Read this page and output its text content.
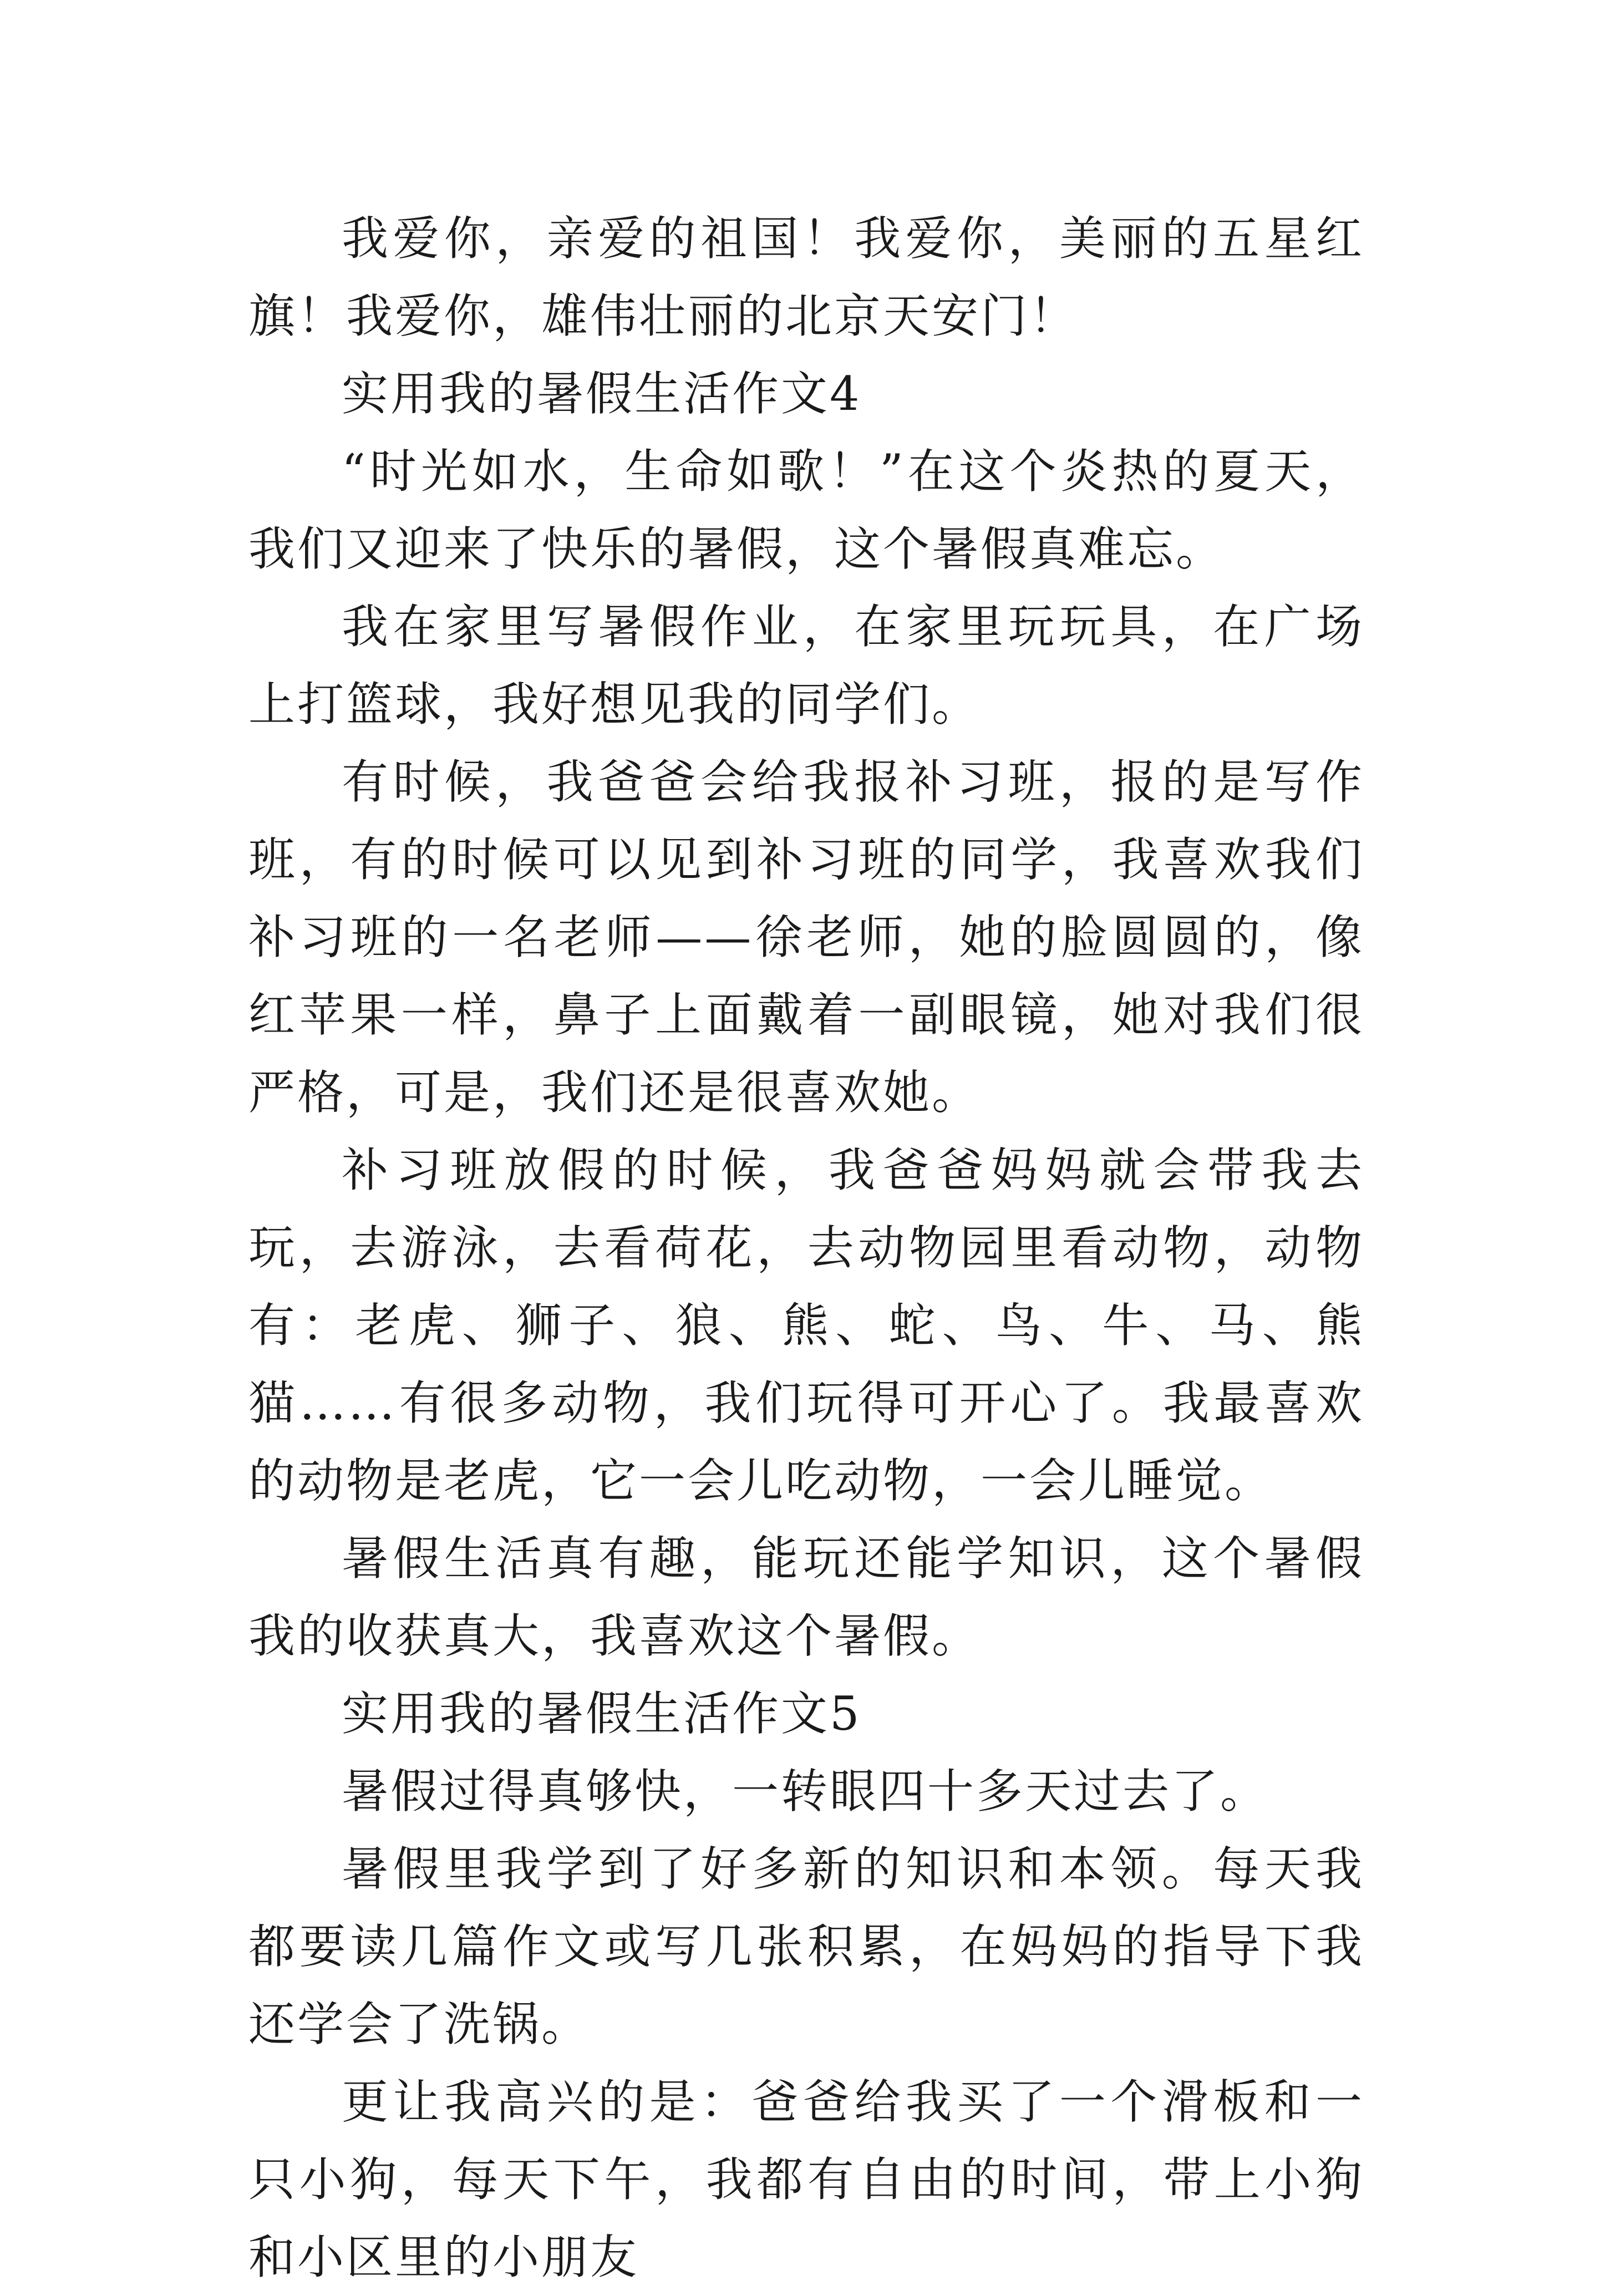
我爱你，亲爱的祖国！我爱你，美丽的五星红旗！我爱你，雄伟壮丽的北京天安门！

实用我的暑假生活作文4

“时光如水，生命如歌！”在这个炎热的夏天，我们又迎来了快乐的暑假，这个暑假真难忘。

我在家里写暑假作业，在家里玩玩具，在广场上打篮球，我好想见我的同学们。

有时候，我爸爸会给我报补习班，报的是写作班，有的时候可以见到补习班的同学，我喜欢我们补习班的一名老师——徐老师，她的脸圆圆的，像红苹果一样，鼻子上面戴着一副眼镜，她对我们很严格，可是，我们还是很喜欢她。

补习班放假的时候，我爸爸妈妈就会带我去玩，去游泳，去看荷花，去动物园里看动物，动物有：老虎、狮子、狼、熊、蛇、鸟、牛、马、熊猫……有很多动物，我们玩得可开心了。我最喜欢的动物是老虎，它一会儿吃动物，一会儿睡觉。

暑假生活真有趣，能玩还能学知识，这个暑假我的收获真大，我喜欢这个暑假。

实用我的暑假生活作文5

暑假过得真够快，一转眼四十多天过去了。

暑假里我学到了好多新的知识和本领。每天我都要读几篇作文或写几张积累，在妈妈的指导下我还学会了洗锅。

更让我高兴的是：爸爸给我买了一个滑板和一只小狗，每天下午，我都有自由的时间，带上小狗和小区里的小朋友
